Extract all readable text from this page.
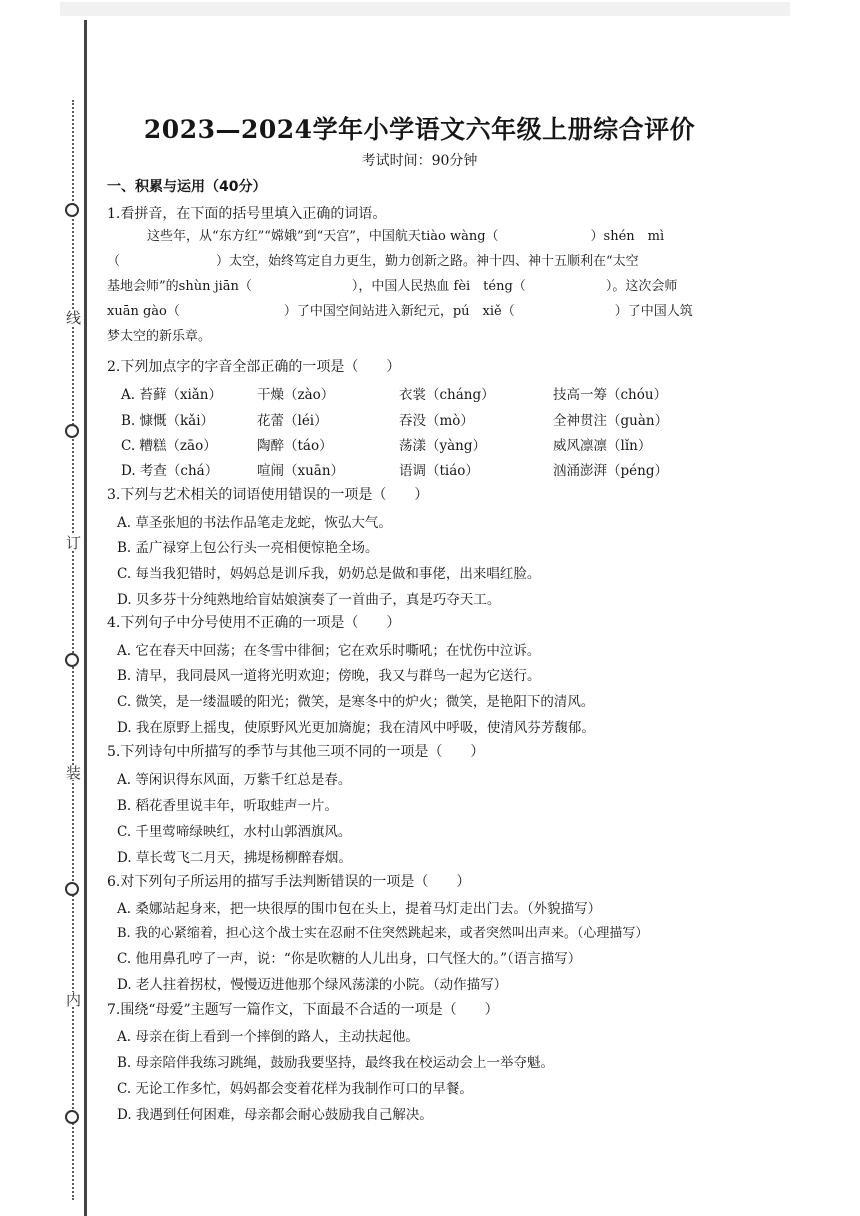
线
订
装
内
2023—2024学年小学语文六年级上册综合评价
考试时间：90分钟
一、积累与运用（40分）
1.看拼音，在下面的括号里填入正确的词语。

这些年，从“东方红”“嫦娥”到“天宫”，中国航天tiào wàng（	）shén　mì

（	）太空，始终笃定自力更生，勤力创新之路。神十四、神十五顺利在“太空

基地会师”的shùn jiān（	），中国人民热血 fèi　téng（	）。这次会师

xuān gào（	）了中国空间站进入新纪元，pú　xiě（	）了中国人筑

梦太空的新乐章。

2.下列加点字的字音全部正确的一项是（　　）
A. 苔藓（xiǎn）	干燥（zào）	衣裳（cháng）	技高一筹（chóu）
B. 慷慨（kǎi）	花蕾（léi）	吞没（mò）	全神贯注（guàn）
C. 糟糕（zāo）	陶醉（táo）	荡漾（yàng）	威风凛凛（lǐn）
D. 考查（chá）	喧闹（xuān）	语调（tiáo）	汹涌澎湃（péng）
3.下列与艺术相关的词语使用错误的一项是（　　）
A. 草圣张旭的书法作品笔走龙蛇，恢弘大气。
B. 孟广禄穿上包公行头一亮相便惊艳全场。
C. 每当我犯错时，妈妈总是训斥我，奶奶总是做和事佬，出来唱红脸。
D. 贝多芬十分纯熟地给盲姑娘演奏了一首曲子，真是巧夺天工。
4.下列句子中分号使用不正确的一项是（　　）
A. 它在春天中回荡；在冬雪中徘徊；它在欢乐时嘶吼；在忧伤中泣诉。
B. 清早，我同晨风一道将光明欢迎；傍晚，我又与群鸟一起为它送行。
C. 微笑，是一缕温暖的阳光；微笑，是寒冬中的炉火；微笑，是艳阳下的清风。
D. 我在原野上摇曳，使原野风光更加旖旎；我在清风中呼吸，使清风芬芳馥郁。
5.下列诗句中所描写的季节与其他三项不同的一项是（　　）
A. 等闲识得东风面，万紫千红总是春。
B. 稻花香里说丰年，听取蛙声一片。
C. 千里莺啼绿映红，水村山郭酒旗风。
D. 草长莺飞二月天，拂堤杨柳醉春烟。
6.对下列句子所运用的描写手法判断错误的一项是（　　）
A. 桑娜站起身来，把一块很厚的围巾包在头上，提着马灯走出门去。（外貌描写）
B. 我的心紧缩着，担心这个战士实在忍耐不住突然跳起来，或者突然叫出声来。（心理描写）
C. 他用鼻孔哼了一声，说：“你是吹糖的人儿出身，口气怪大的。”（语言描写）
D. 老人拄着拐杖，慢慢迈进他那个绿风荡漾的小院。（动作描写）
7.围绕“母爱”主题写一篇作文，下面最不合适的一项是（　　）
A. 母亲在街上看到一个摔倒的路人，主动扶起他。
B. 母亲陪伴我练习跳绳，鼓励我要坚持，最终我在校运动会上一举夺魁。
C. 无论工作多忙，妈妈都会变着花样为我制作可口的早餐。
D. 我遇到任何困难，母亲都会耐心鼓励我自己解决。
